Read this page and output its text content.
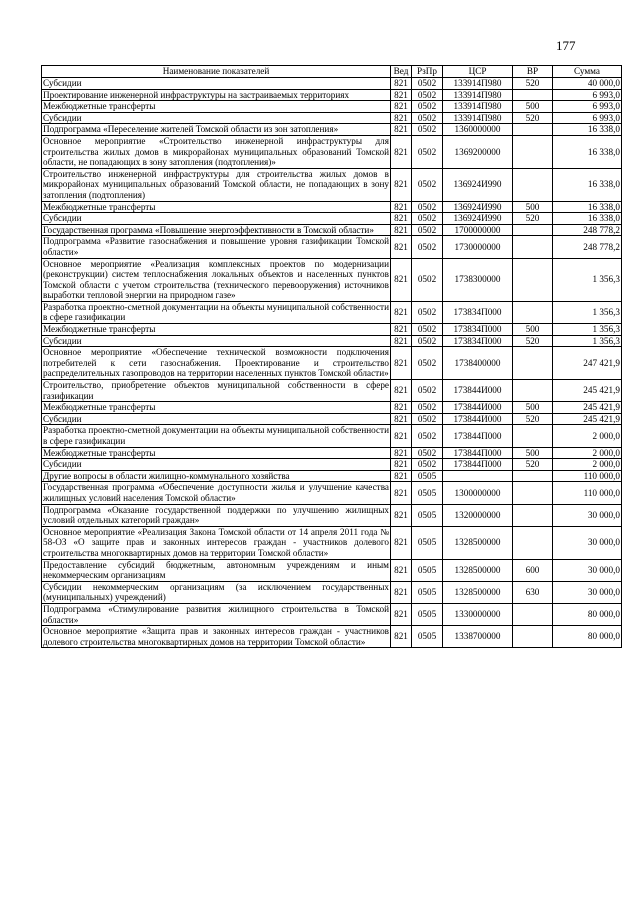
177
Наименование показателей	Вед	РзПр	ЦСР	ВР	Сумма
Субсидии	821	0502	133914П980	520	40 000,0
Проектирование инженерной инфраструктуры на застраиваемых территориях	821	0502	133914П980		6 993,0
Межбюджетные трансферты	821	0502	133914П980	500	6 993,0
Субсидии	821	0502	133914П980	520	6 993,0
Подпрограмма «Переселение жителей Томской области из зон затопления»	821	0502	1360000000		16 338,0
Основное мероприятие «Строительство инженерной инфраструктуры для строительства жилых домов в микрорайонах муниципальных образований Томской области, не попадающих в зону затопления (подтопления)»	821	0502	1369200000		16 338,0
Строительство инженерной инфраструктуры для строительства жилых домов в микрорайонах муниципальных образований Томской области, не попадающих в зону затопления (подтопления)	821	0502	136924И990		16 338,0
Межбюджетные трансферты	821	0502	136924И990	500	16 338,0
Субсидии	821	0502	136924И990	520	16 338,0
Государственная программа «Повышение энергоэффективности в Томской области»	821	0502	1700000000		248 778,2
Подпрограмма «Развитие газоснабжения и повышение уровня газификации Томской области»	821	0502	1730000000		248 778,2
Основное мероприятие «Реализация комплексных проектов по модернизации (реконструкции) систем теплоснабжения локальных объектов и населенных пунктов Томской области с учетом строительства (технического перевооружения) источников выработки тепловой энергии на природном газе»	821	0502	1738300000		1 356,3
Разработка проектно-сметной документации на объекты муниципальной собственности в сфере газификации	821	0502	173834П000		1 356,3
Межбюджетные трансферты	821	0502	173834П000	500	1 356,3
Субсидии	821	0502	173834П000	520	1 356,3
Основное мероприятие «Обеспечение технической возможности подключения потребителей к сети газоснабжения. Проектирование и строительство распределительных газопроводов на территории населенных пунктов Томской области»	821	0502	1738400000		247 421,9
Строительство, приобретение объектов муниципальной собственности в сфере газификации	821	0502	173844И000		245 421,9
Межбюджетные трансферты	821	0502	173844И000	500	245 421,9
Субсидии	821	0502	173844И000	520	245 421,9
Разработка проектно-сметной документации на объекты муниципальной собственности в сфере газификации	821	0502	173844П000		2 000,0
Межбюджетные трансферты	821	0502	173844П000	500	2 000,0
Субсидии	821	0502	173844П000	520	2 000,0
Другие вопросы в области жилищно-коммунального хозяйства	821	0505			110 000,0
Государственная программа «Обеспечение доступности жилья и улучшение качества жилищных условий населения Томской области»	821	0505	1300000000		110 000,0
Подпрограмма «Оказание государственной поддержки по улучшению жилищных условий отдельных категорий граждан»	821	0505	1320000000		30 000,0
Основное мероприятие «Реализация Закона Томской области от 14 апреля 2011 года № 58-ОЗ «О защите прав и законных интересов граждан - участников долевого строительства многоквартирных домов на территории Томской области»	821	0505	1328500000		30 000,0
Предоставление субсидий бюджетным, автономным учреждениям и иным некоммерческим организациям	821	0505	1328500000	600	30 000,0
Субсидии некоммерческим организациям (за исключением государственных (муниципальных) учреждений)	821	0505	1328500000	630	30 000,0
Подпрограмма «Стимулирование развития жилищного строительства в Томской области»	821	0505	1330000000		80 000,0
Основное мероприятие «Защита прав и законных интересов граждан - участников долевого строительства многоквартирных домов на территории Томской области»	821	0505	1338700000		80 000,0
